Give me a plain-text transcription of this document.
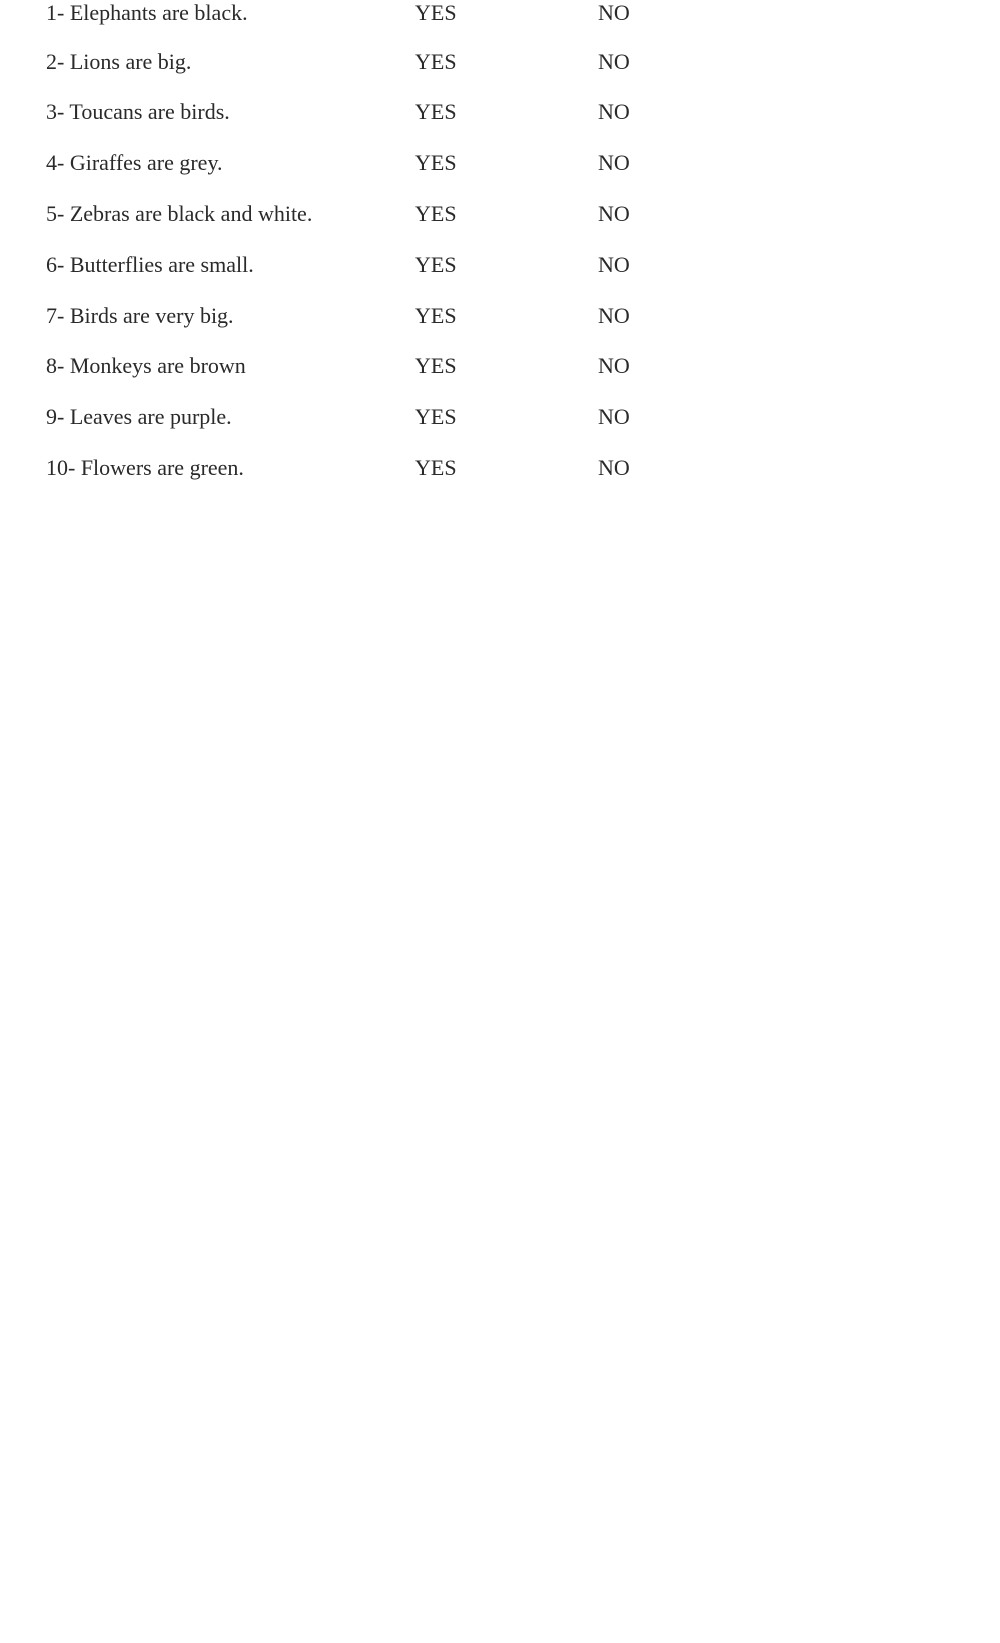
1- Elephants are black.	YES	NO
2- Lions are big.	YES	NO
3- Toucans are birds.	YES	NO
4- Giraffes are grey.	YES	NO
5- Zebras are black and white.	YES	NO
6- Butterflies are small.	YES	NO
7- Birds are very big.	YES	NO
8- Monkeys are brown	YES	NO
9- Leaves are purple.	YES	NO
10- Flowers are green.	YES	NO
